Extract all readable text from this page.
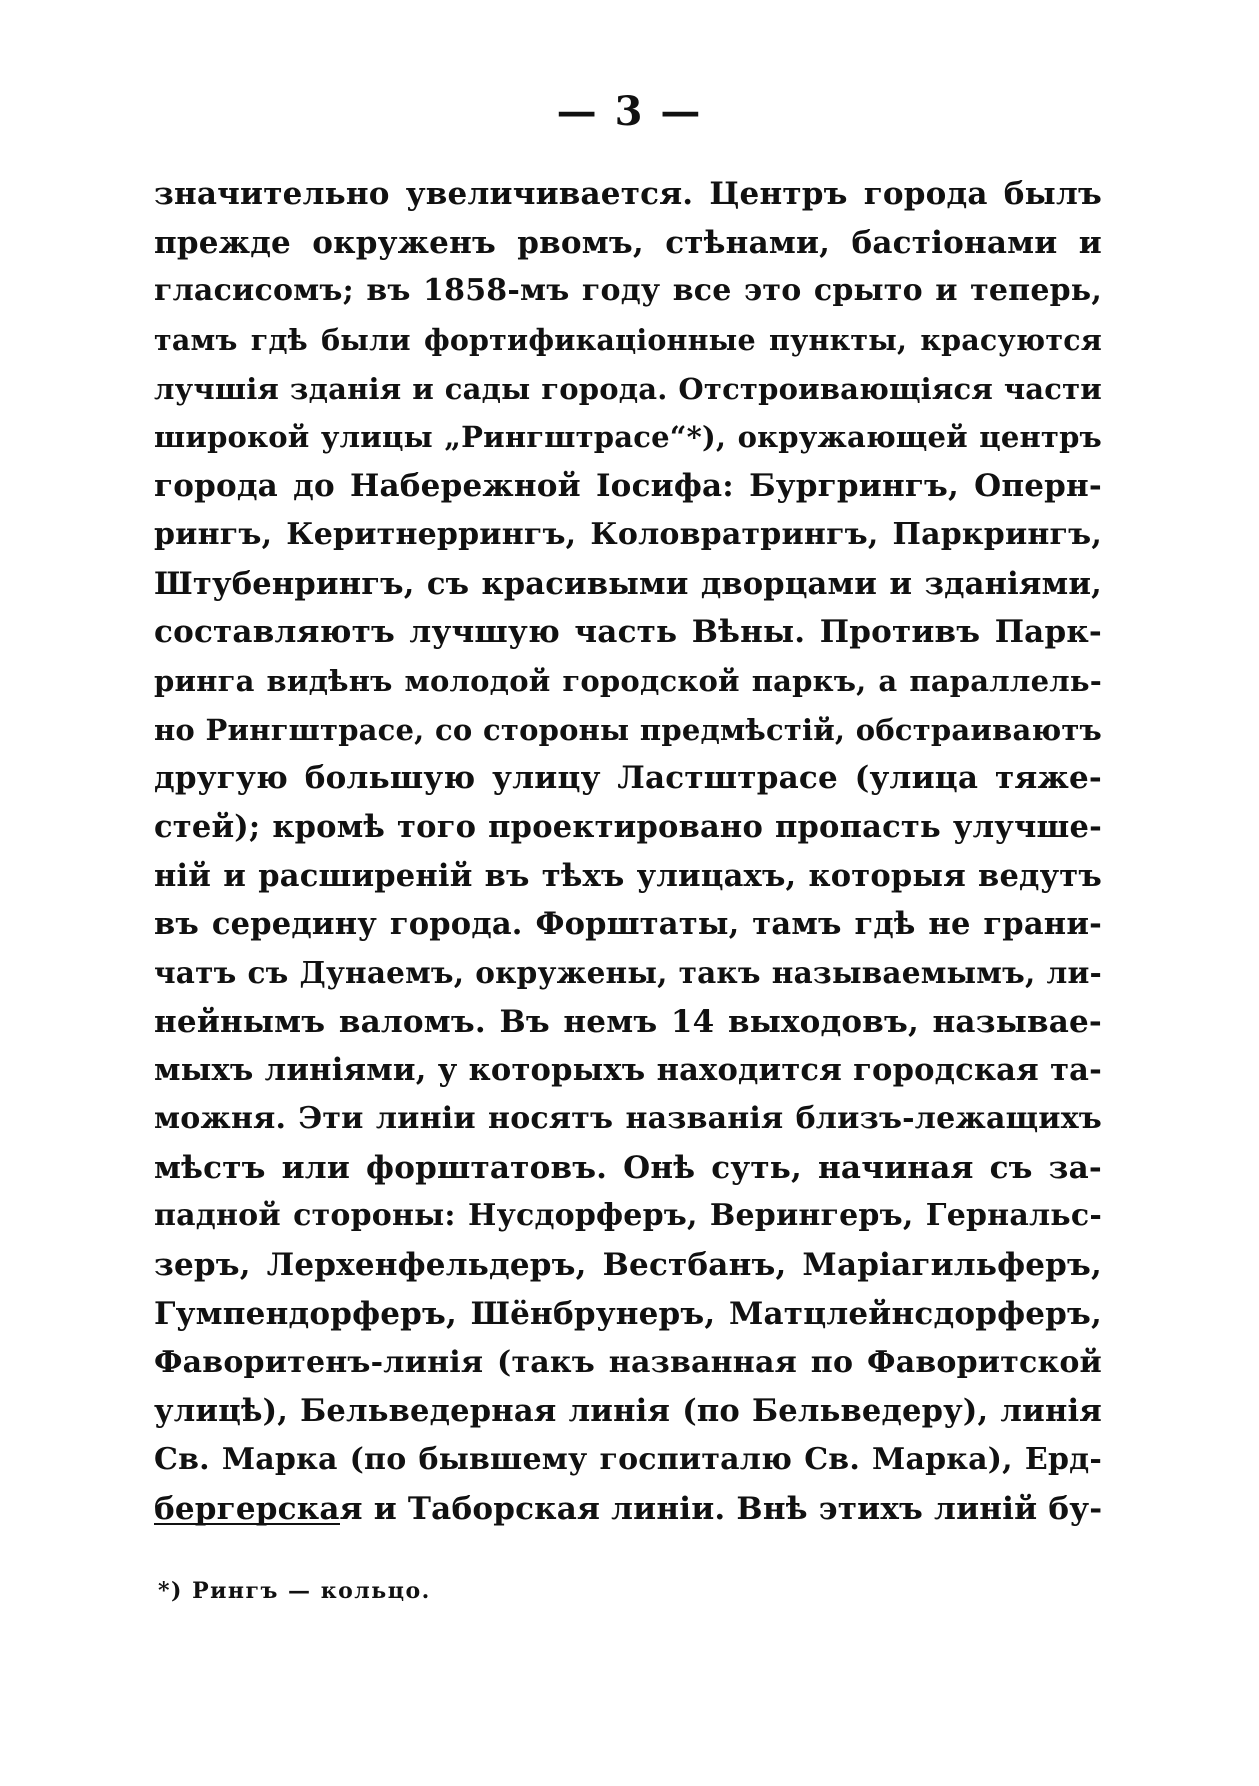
— 3 —
значительно увеличивается. Центръ города былъ
прежде окруженъ рвомъ, стѣнами, бастіонами и
гласисомъ; въ 1858-мъ году все это срыто и теперь,
тамъ гдѣ были фортификаціонные пункты, красуются
лучшія зданія и сады города. Отстроивающіяся части
широкой улицы „Рингштрасе“*), окружающей центръ
города до Набережной Іосифа: Бургрингъ, Оперн-
рингъ, Керитнеррингъ, Коловратрингъ, Паркрингъ,
Штубенрингъ, съ красивыми дворцами и зданіями,
составляютъ лучшую часть Вѣны. Противъ Парк-
ринга видѣнъ молодой городской паркъ, а параллель-
но Рингштрасе, со стороны предмѣстій, обстраиваютъ
другую большую улицу Ластштрасе (улица тяже-
стей); кромѣ того проектировано пропасть улучше-
ній и расширеній въ тѣхъ улицахъ, которыя ведутъ
въ середину города. Форштаты, тамъ гдѣ не грани-
чатъ съ Дунаемъ, окружены, такъ называемымъ, ли-
нейнымъ валомъ. Въ немъ 14 выходовъ, называе-
мыхъ линіями, у которыхъ находится городская та-
можня. Эти линіи носятъ названія близъ-лежащихъ
мѣстъ или форштатовъ. Онѣ суть, начиная съ за-
падной стороны: Нусдорферъ, Верингеръ, Гернальс-
зеръ, Лерхенфельдеръ, Вестбанъ, Маріагильферъ,
Гумпендорферъ, Шёнбрунеръ, Матцлейнсдорферъ,
Фаворитенъ-линія (такъ названная по Фаворитской
улицѣ), Бельведерная линія (по Бельведеру), линія
Св. Марка (по бывшему госпиталю Св. Марка), Ерд-
бергерская и Таборская линіи. Внѣ этихъ линій бу-
*) Рингъ — кольцо.
